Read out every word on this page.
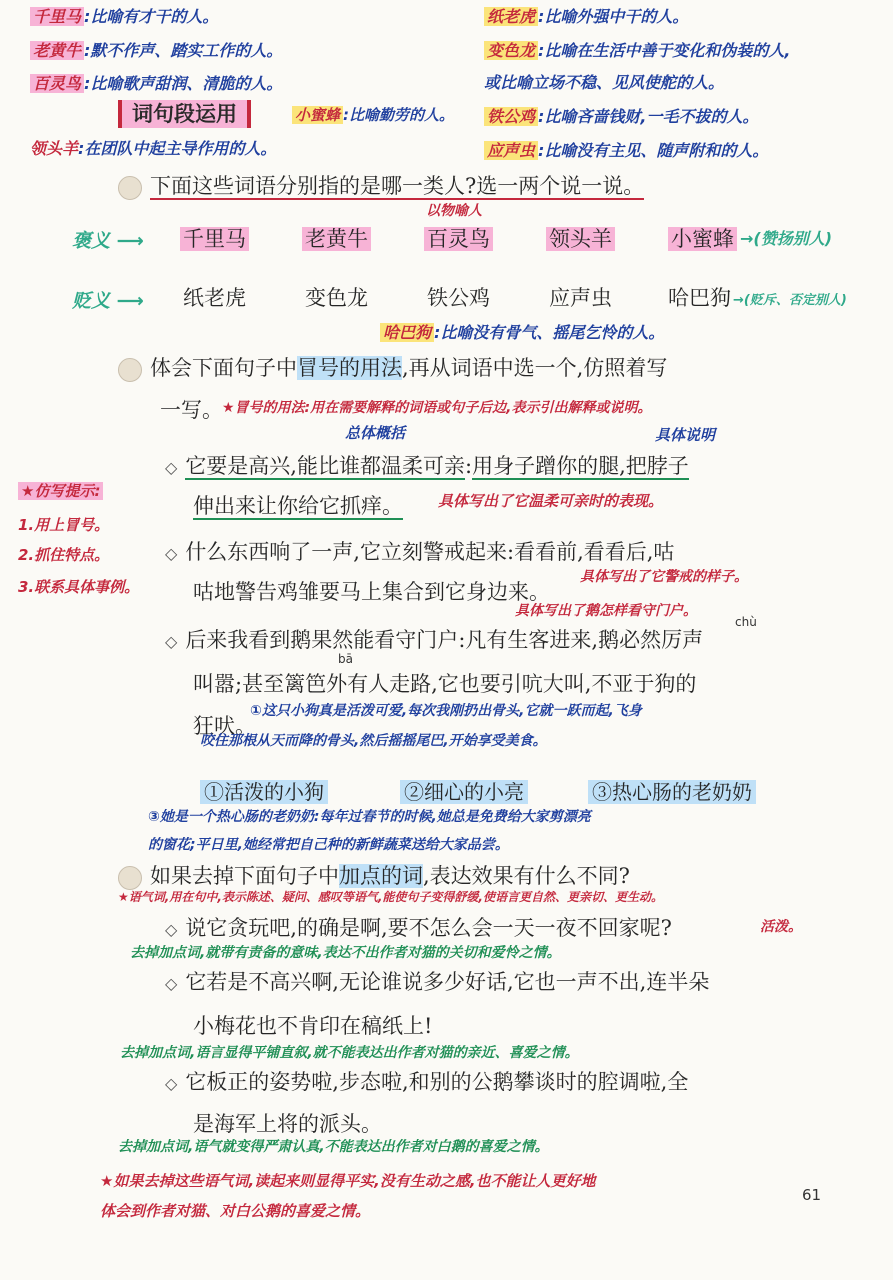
千里马 :比喻有才干的人。
老黄牛 :默不作声、踏实工作的人。
百灵鸟 :比喻歌声甜润、清脆的人。
词句段运用	小蜜蜂 :比喻勤劳的人。
领头羊:在团队中起主导作用的人。
纸老虎 :比喻外强中干的人。
变色龙 :比喻在生活中善于变化和伪装的人,
或比喻立场不稳、见风使舵的人。
铁公鸡 :比喻吝啬钱财,一毛不拔的人。
应声虫 :比喻没有主见、随声附和的人。
下面这些词语分别指的是哪一类人?选一两个说一说。
以物喻人
褒义 ⟶ 千里马	老黄牛	百灵鸟	领头羊	小蜜蜂 →(赞扬别人)
贬义 ⟶ 纸老虎	变色龙	铁公鸡	应声虫	哈巴狗 →(贬斥、否定别人)
哈巴狗 :比喻没有骨气、摇尾乞怜的人。
体会下面句子中冒号的用法,再从词语中选一个,仿照着写
一写。 ★冒号的用法:用在需要解释的词语或句子后边,表示引出解释或说明。
★仿写提示:
1.用上冒号。
2.抓住特点。
3.联系具体事例。
总体概括	具体说明
◇ 它要是高兴,能比谁都温柔可亲:用身子蹭你的腿,把脖子
伸出来让你给它抓痒。 具体写出了它温柔可亲时的表现。
◇ 什么东西响了一声,它立刻警戒起来:看看前,看看后,咕
咕地警告鸡雏要马上集合到它身边来。
具体写出了它警戒的样子。
具体写出了鹅怎样看守门户。
◇ 后来我看到鹅果然能看守门户:凡有生客进来,鹅必然厉声
chù
bā
叫嚣;甚至篱笆外有人走路,它也要引吭大叫,不亚于狗的
狂吠。
①这只小狗真是活泼可爱,每次我刚扔出骨头,它就一跃而起,飞身
咬住那根从天而降的骨头,然后摇摇尾巴,开始享受美食。
①活泼的小狗	②细心的小亮	③热心肠的老奶奶
③她是一个热心肠的老奶奶:每年过春节的时候,她总是免费给大家剪漂亮
的窗花;平日里,她经常把自己种的新鲜蔬菜送给大家品尝。
如果去掉下面句子中加点的词,表达效果有什么不同?
★语气词,用在句中,表示陈述、疑问、感叹等语气,能使句子变得舒缓,使语言更自然、更亲切、更生动。
◇ 说它贪玩吧,的确是啊,要不怎么会一天一夜不回家呢?	活泼。
去掉加点词,就带有责备的意味,表达不出作者对猫的关切和爱怜之情。
◇ 它若是不高兴啊,无论谁说多少好话,它也一声不出,连半朵
小梅花也不肯印在稿纸上!
去掉加点词,语言显得平铺直叙,就不能表达出作者对猫的亲近、喜爱之情。
◇ 它板正的姿势啦,步态啦,和别的公鹅攀谈时的腔调啦,全
是海军上将的派头。
去掉加点词,语气就变得严肃认真,不能表达出作者对白鹅的喜爱之情。
★如果去掉这些语气词,读起来则显得平实,没有生动之感,也不能让人更好地
体会到作者对猫、对白公鹅的喜爱之情。
61
